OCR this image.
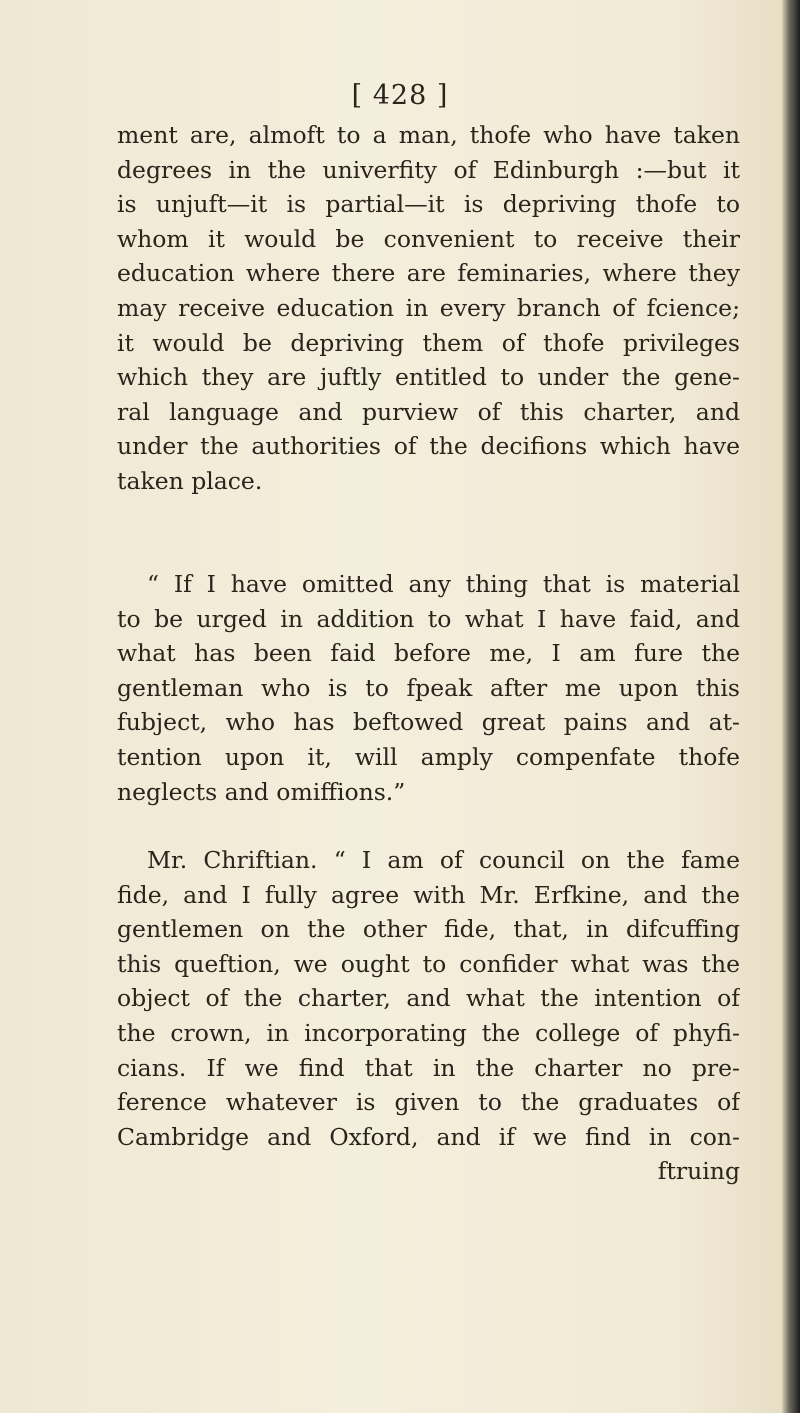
[ 428 ]
ment are, almoft to a man, thofe who have taken
degrees in the univerfity of Edinburgh :—but it
is unjuft—it is partial—it is depriving thofe to
whom it would be convenient to receive their
education where there are feminaries, where they
may receive education in every branch of fcience;
it would be depriving them of thofe privileges
which they are juftly entitled to under the gene-
ral language and purview of this charter, and
under the authorities of the decifions which have
taken place.
“ If I have omitted any thing that is material
to be urged in addition to what I have faid, and
what has been faid before me, I am fure the
gentleman who is to fpeak after me upon this
fubject, who has beftowed great pains and at-
tention upon it, will amply compenfate thofe
neglects and omiffions.”
Mr. Chriftian. “ I am of council on the fame
fide, and I fully agree with Mr. Erfkine, and the
gentlemen on the other fide, that, in difcuffing
this queftion, we ought to confider what was the
object of the charter, and what the intention of
the crown, in incorporating the college of phyfi-
cians. If we find that in the charter no pre-
ference whatever is given to the graduates of
Cambridge and Oxford, and if we find in con-
ftruing
